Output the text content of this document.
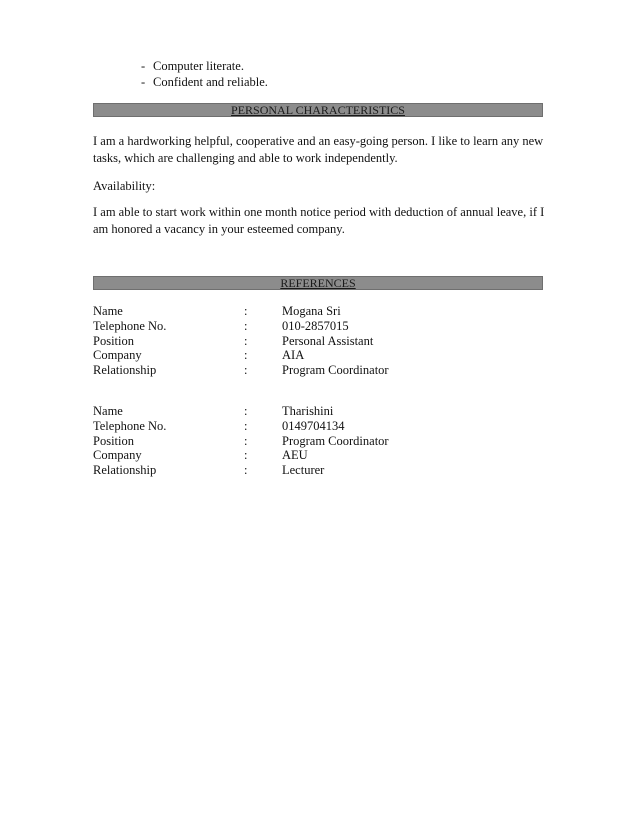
- Computer literate.
- Confident and reliable.
PERSONAL CHARACTERISTICS

I am a hardworking helpful, cooperative and an easy-going person. I like to learn any new tasks, which are challenging and able to work independently.

Availability:

I am able to start work within one month notice period with deduction of annual leave, if I am honored a vacancy in your esteemed company.

REFERENCES
Name	:	Mogana Sri
Telephone No.	:	010-2857015
Position	:	Personal Assistant
Company	:	AIA
Relationship	:	Program Coordinator
Name	:	Tharishini
Telephone No.	:	0149704134
Position	:	Program Coordinator
Company	:	AEU
Relationship	:	Lecturer
